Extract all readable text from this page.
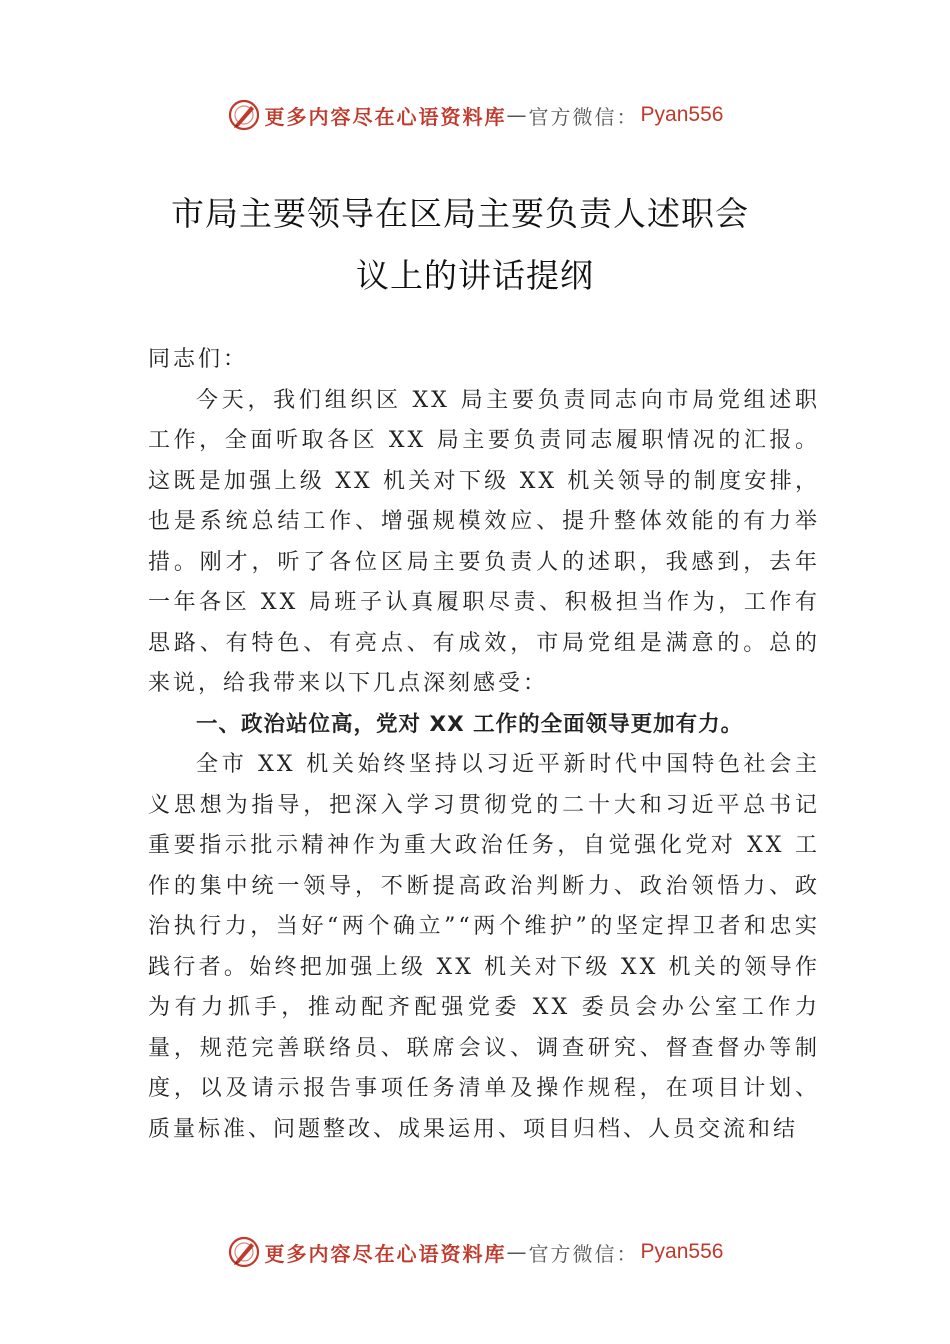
更多内容尽在心语资料库 — 官方微信： Pyan556
市局主要领导在区局主要负责人述职会
议上的讲话提纲

同志们：

今天，我们组织区 XX 局主要负责同志向市局党组述职工作，全面听取各区 XX 局主要负责同志履职情况的汇报。这既是加强上级 XX 机关对下级 XX 机关领导的制度安排，也是系统总结工作、增强规模效应、提升整体效能的有力举措。刚才，听了各位区局主要负责人的述职，我感到，去年 一年各区 XX 局班子认真履职尽责、积极担当作为，工作有思路、有特色、有亮点、有成效，市局党组是满意的。总的来说，给我带来以下几点深刻感受：

一、政治站位高，党对 XX 工作的全面领导更加有力。

全市 XX 机关始终坚持以习近平新时代中国特色社会主义思想为指导，把深入学习贯彻党的二十大和习近平总书记重要指示批示精神作为重大政治任务，自觉强化党对 XX 工作的集中统一领导，不断提高政治判断力、政治领悟力、政治执行力，当好“两个确立”“两个维护”的坚定捍卫者和忠实践行者。始终把加强上级 XX 机关对下级 XX 机关的领导作为有力抓手，推动配齐配强党委 XX 委员会办公室工作力量，规范完善联络员、联席会议、调查研究、督查督办等制度，以及请示报告事项任务清单及操作规程，在项目计划、 质量标准、问题整改、成果运用、项目归档、人员交流和结

更多内容尽在心语资料库 — 官方微信： Pyan556
